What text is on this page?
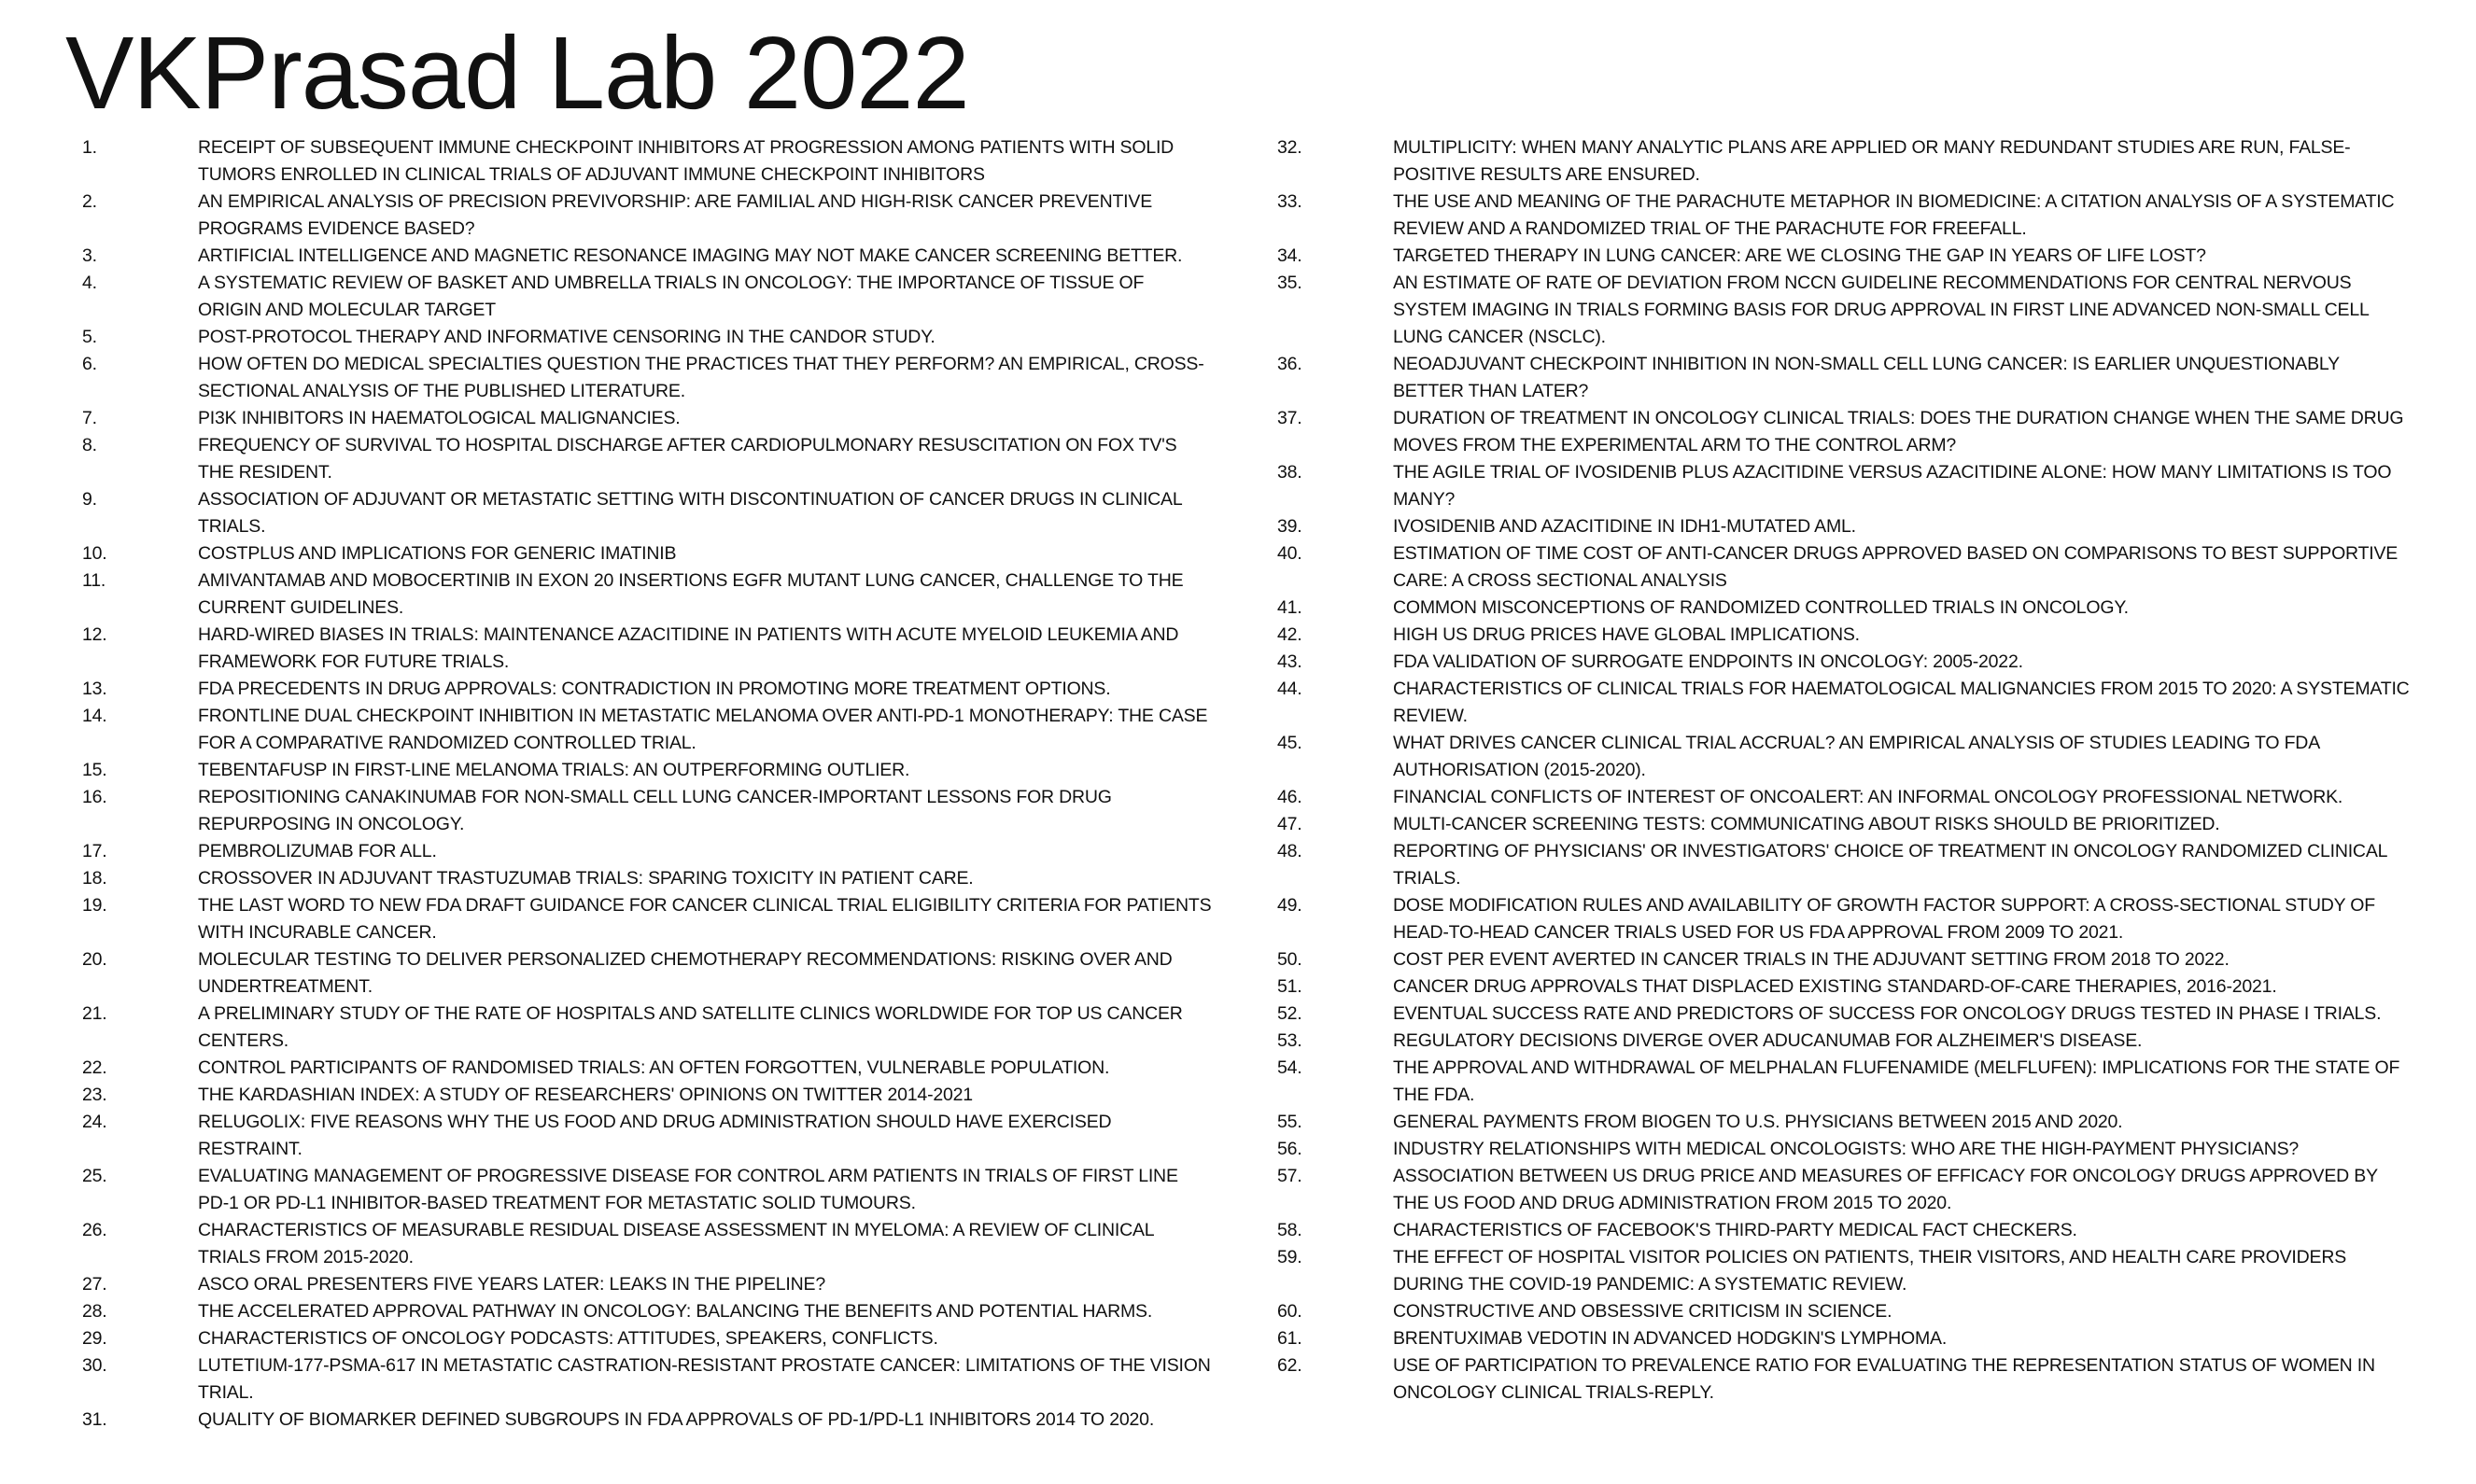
VKPrasad Lab 2022
1.	RECEIPT OF SUBSEQUENT IMMUNE CHECKPOINT INHIBITORS AT PROGRESSION AMONG PATIENTS WITH SOLID TUMORS ENROLLED IN CLINICAL TRIALS OF ADJUVANT IMMUNE CHECKPOINT INHIBITORS
2.	AN EMPIRICAL ANALYSIS OF PRECISION PREVIVORSHIP: ARE FAMILIAL AND HIGH-RISK CANCER PREVENTIVE PROGRAMS EVIDENCE BASED?
3.	ARTIFICIAL INTELLIGENCE AND MAGNETIC RESONANCE IMAGING MAY NOT MAKE CANCER SCREENING BETTER.
4.	A SYSTEMATIC REVIEW OF BASKET AND UMBRELLA TRIALS IN ONCOLOGY: THE IMPORTANCE OF TISSUE OF ORIGIN AND MOLECULAR TARGET
5.	POST-PROTOCOL THERAPY AND INFORMATIVE CENSORING IN THE CANDOR STUDY.
6.	HOW OFTEN DO MEDICAL SPECIALTIES QUESTION THE PRACTICES THAT THEY PERFORM? AN EMPIRICAL, CROSS-SECTIONAL ANALYSIS OF THE PUBLISHED LITERATURE.
7.	PI3K INHIBITORS IN HAEMATOLOGICAL MALIGNANCIES.
8.	FREQUENCY OF SURVIVAL TO HOSPITAL DISCHARGE AFTER CARDIOPULMONARY RESUSCITATION ON FOX TV'S THE RESIDENT.
9.	ASSOCIATION OF ADJUVANT OR METASTATIC SETTING WITH DISCONTINUATION OF CANCER DRUGS IN CLINICAL TRIALS.
10.	COSTPLUS AND IMPLICATIONS FOR GENERIC IMATINIB
11.	AMIVANTAMAB AND MOBOCERTINIB IN EXON 20 INSERTIONS EGFR MUTANT LUNG CANCER, CHALLENGE TO THE CURRENT GUIDELINES.
12.	HARD-WIRED BIASES IN TRIALS: MAINTENANCE AZACITIDINE IN PATIENTS WITH ACUTE MYELOID LEUKEMIA AND FRAMEWORK FOR FUTURE TRIALS.
13.	FDA PRECEDENTS IN DRUG APPROVALS: CONTRADICTION IN PROMOTING MORE TREATMENT OPTIONS.
14.	FRONTLINE DUAL CHECKPOINT INHIBITION IN METASTATIC MELANOMA OVER ANTI-PD-1 MONOTHERAPY: THE CASE FOR A COMPARATIVE RANDOMIZED CONTROLLED TRIAL.
15.	TEBENTAFUSP IN FIRST-LINE MELANOMA TRIALS: AN OUTPERFORMING OUTLIER.
16.	REPOSITIONING CANAKINUMAB FOR NON-SMALL CELL LUNG CANCER-IMPORTANT LESSONS FOR DRUG REPURPOSING IN ONCOLOGY.
17.	PEMBROLIZUMAB FOR ALL.
18.	CROSSOVER IN ADJUVANT TRASTUZUMAB TRIALS: SPARING TOXICITY IN PATIENT CARE.
19.	THE LAST WORD TO NEW FDA DRAFT GUIDANCE FOR CANCER CLINICAL TRIAL ELIGIBILITY CRITERIA FOR PATIENTS WITH INCURABLE CANCER.
20.	MOLECULAR TESTING TO DELIVER PERSONALIZED CHEMOTHERAPY RECOMMENDATIONS: RISKING OVER AND UNDERTREATMENT.
21.	A PRELIMINARY STUDY OF THE RATE OF HOSPITALS AND SATELLITE CLINICS WORLDWIDE FOR TOP US CANCER CENTERS.
22.	CONTROL PARTICIPANTS OF RANDOMISED TRIALS: AN OFTEN FORGOTTEN, VULNERABLE POPULATION.
23.	THE KARDASHIAN INDEX: A STUDY OF RESEARCHERS' OPINIONS ON TWITTER 2014-2021
24.	RELUGOLIX: FIVE REASONS WHY THE US FOOD AND DRUG ADMINISTRATION SHOULD HAVE EXERCISED RESTRAINT.
25.	EVALUATING MANAGEMENT OF PROGRESSIVE DISEASE FOR CONTROL ARM PATIENTS IN TRIALS OF FIRST LINE PD-1 OR PD-L1 INHIBITOR-BASED TREATMENT FOR METASTATIC SOLID TUMOURS.
26.	CHARACTERISTICS OF MEASURABLE RESIDUAL DISEASE ASSESSMENT IN MYELOMA: A REVIEW OF CLINICAL TRIALS FROM 2015-2020.
27.	ASCO ORAL PRESENTERS FIVE YEARS LATER: LEAKS IN THE PIPELINE?
28.	THE ACCELERATED APPROVAL PATHWAY IN ONCOLOGY: BALANCING THE BENEFITS AND POTENTIAL HARMS.
29.	CHARACTERISTICS OF ONCOLOGY PODCASTS: ATTITUDES, SPEAKERS, CONFLICTS.
30.	LUTETIUM-177-PSMA-617 IN METASTATIC CASTRATION-RESISTANT PROSTATE CANCER: LIMITATIONS OF THE VISION TRIAL.
31.	QUALITY OF BIOMARKER DEFINED SUBGROUPS IN FDA APPROVALS OF PD-1/PD-L1 INHIBITORS 2014 TO 2020.
32.	MULTIPLICITY: WHEN MANY ANALYTIC PLANS ARE APPLIED OR MANY REDUNDANT STUDIES ARE RUN, FALSE-POSITIVE RESULTS ARE ENSURED.
33.	THE USE AND MEANING OF THE PARACHUTE METAPHOR IN BIOMEDICINE: A CITATION ANALYSIS OF A SYSTEMATIC REVIEW AND A RANDOMIZED TRIAL OF THE PARACHUTE FOR FREEFALL.
34.	TARGETED THERAPY IN LUNG CANCER: ARE WE CLOSING THE GAP IN YEARS OF LIFE LOST?
35.	AN ESTIMATE OF RATE OF DEVIATION FROM NCCN GUIDELINE RECOMMENDATIONS FOR CENTRAL NERVOUS SYSTEM IMAGING IN TRIALS FORMING BASIS FOR DRUG APPROVAL IN FIRST LINE ADVANCED NON-SMALL CELL LUNG CANCER (NSCLC).
36.	NEOADJUVANT CHECKPOINT INHIBITION IN NON-SMALL CELL LUNG CANCER: IS EARLIER UNQUESTIONABLY BETTER THAN LATER?
37.	DURATION OF TREATMENT IN ONCOLOGY CLINICAL TRIALS: DOES THE DURATION CHANGE WHEN THE SAME DRUG MOVES FROM THE EXPERIMENTAL ARM TO THE CONTROL ARM?
38.	THE AGILE TRIAL OF IVOSIDENIB PLUS AZACITIDINE VERSUS AZACITIDINE ALONE: HOW MANY LIMITATIONS IS TOO MANY?
39.	IVOSIDENIB AND AZACITIDINE IN IDH1-MUTATED AML.
40.	ESTIMATION OF TIME COST OF ANTI-CANCER DRUGS APPROVED BASED ON COMPARISONS TO BEST SUPPORTIVE CARE: A CROSS SECTIONAL ANALYSIS
41.	COMMON MISCONCEPTIONS OF RANDOMIZED CONTROLLED TRIALS IN ONCOLOGY.
42.	HIGH US DRUG PRICES HAVE GLOBAL IMPLICATIONS.
43.	FDA VALIDATION OF SURROGATE ENDPOINTS IN ONCOLOGY: 2005-2022.
44.	CHARACTERISTICS OF CLINICAL TRIALS FOR HAEMATOLOGICAL MALIGNANCIES FROM 2015 TO 2020: A SYSTEMATIC REVIEW.
45.	WHAT DRIVES CANCER CLINICAL TRIAL ACCRUAL? AN EMPIRICAL ANALYSIS OF STUDIES LEADING TO FDA AUTHORISATION (2015-2020).
46.	FINANCIAL CONFLICTS OF INTEREST OF ONCOALERT: AN INFORMAL ONCOLOGY PROFESSIONAL NETWORK.
47.	MULTI-CANCER SCREENING TESTS: COMMUNICATING ABOUT RISKS SHOULD BE PRIORITIZED.
48.	REPORTING OF PHYSICIANS' OR INVESTIGATORS' CHOICE OF TREATMENT IN ONCOLOGY RANDOMIZED CLINICAL TRIALS.
49.	DOSE MODIFICATION RULES AND AVAILABILITY OF GROWTH FACTOR SUPPORT: A CROSS-SECTIONAL STUDY OF HEAD-TO-HEAD CANCER TRIALS USED FOR US FDA APPROVAL FROM 2009 TO 2021.
50.	COST PER EVENT AVERTED IN CANCER TRIALS IN THE ADJUVANT SETTING FROM 2018 TO 2022.
51.	CANCER DRUG APPROVALS THAT DISPLACED EXISTING STANDARD-OF-CARE THERAPIES, 2016-2021.
52.	EVENTUAL SUCCESS RATE AND PREDICTORS OF SUCCESS FOR ONCOLOGY DRUGS TESTED IN PHASE I TRIALS.
53.	REGULATORY DECISIONS DIVERGE OVER ADUCANUMAB FOR ALZHEIMER'S DISEASE.
54.	THE APPROVAL AND WITHDRAWAL OF MELPHALAN FLUFENAMIDE (MELFLUFEN): IMPLICATIONS FOR THE STATE OF THE FDA.
55.	GENERAL PAYMENTS FROM BIOGEN TO U.S. PHYSICIANS BETWEEN 2015 AND 2020.
56.	INDUSTRY RELATIONSHIPS WITH MEDICAL ONCOLOGISTS: WHO ARE THE HIGH-PAYMENT PHYSICIANS?
57.	ASSOCIATION BETWEEN US DRUG PRICE AND MEASURES OF EFFICACY FOR ONCOLOGY DRUGS APPROVED BY THE US FOOD AND DRUG ADMINISTRATION FROM 2015 TO 2020.
58.	CHARACTERISTICS OF FACEBOOK'S THIRD-PARTY MEDICAL FACT CHECKERS.
59.	THE EFFECT OF HOSPITAL VISITOR POLICIES ON PATIENTS, THEIR VISITORS, AND HEALTH CARE PROVIDERS DURING THE COVID-19 PANDEMIC: A SYSTEMATIC REVIEW.
60.	CONSTRUCTIVE AND OBSESSIVE CRITICISM IN SCIENCE.
61.	BRENTUXIMAB VEDOTIN IN ADVANCED HODGKIN'S LYMPHOMA.
62.	USE OF PARTICIPATION TO PREVALENCE RATIO FOR EVALUATING THE REPRESENTATION STATUS OF WOMEN IN ONCOLOGY CLINICAL TRIALS-REPLY.
